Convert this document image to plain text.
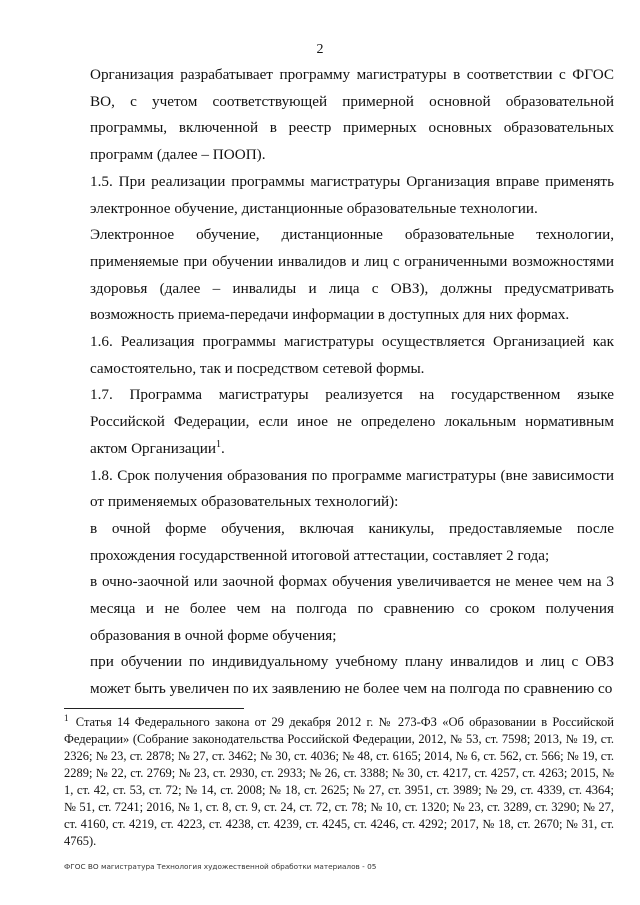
2

Организация разрабатывает программу магистратуры в соответствии с ФГОС ВО, с учетом соответствующей примерной основной образовательной программы, включенной в реестр примерных основных образовательных программ (далее – ПООП).

1.5. При реализации программы магистратуры Организация вправе применять электронное обучение, дистанционные образовательные технологии.

Электронное обучение, дистанционные образовательные технологии, применяемые при обучении инвалидов и лиц с ограниченными возможностями здоровья (далее – инвалиды и лица с ОВЗ), должны предусматривать возможность приема-передачи информации в доступных для них формах.

1.6. Реализация программы магистратуры осуществляется Организацией как самостоятельно, так и посредством сетевой формы.

1.7. Программа магистратуры реализуется на государственном языке Российской Федерации, если иное не определено локальным нормативным актом Организации$^1$.

1.8. Срок получения образования по программе магистратуры (вне зависимости от применяемых образовательных технологий):

в очной форме обучения, включая каникулы, предоставляемые после прохождения государственной итоговой аттестации, составляет 2 года;

в очно-заочной или заочной формах обучения увеличивается не менее чем на 3 месяца и не более чем на полгода по сравнению со сроком получения образования в очной форме обучения;

при обучении по индивидуальному учебному плану инвалидов и лиц с ОВЗ может быть увеличен по их заявлению не более чем на полгода по сравнению со

$^1$ Статья 14 Федерального закона от 29 декабря 2012 г. № 273-ФЗ «Об образовании в Российской Федерации» (Собрание законодательства Российской Федерации, 2012, № 53, ст. 7598; 2013, № 19, ст. 2326; № 23, ст. 2878; № 27, ст. 3462; № 30, ст. 4036; № 48, ст. 6165; 2014, № 6, ст. 562, ст. 566; № 19, ст. 2289; № 22, ст. 2769; № 23, ст. 2930, ст. 2933; № 26, ст. 3388; № 30, ст. 4217, ст. 4257, ст. 4263; 2015, № 1, ст. 42, ст. 53, ст. 72; № 14, ст. 2008; № 18, ст. 2625; № 27, ст. 3951, ст. 3989; № 29, ст. 4339, ст. 4364; № 51, ст. 7241; 2016, № 1, ст. 8, ст. 9, ст. 24, ст. 72, ст. 78; № 10, ст. 1320; № 23, ст. 3289, ст. 3290; № 27, ст. 4160, ст. 4219, ст. 4223, ст. 4238, ст. 4239, ст. 4245, ст. 4246, ст. 4292; 2017, № 18, ст. 2670; № 31, ст. 4765).
ФГОС ВО магистратура Технология художественной обработки материалов - 05
